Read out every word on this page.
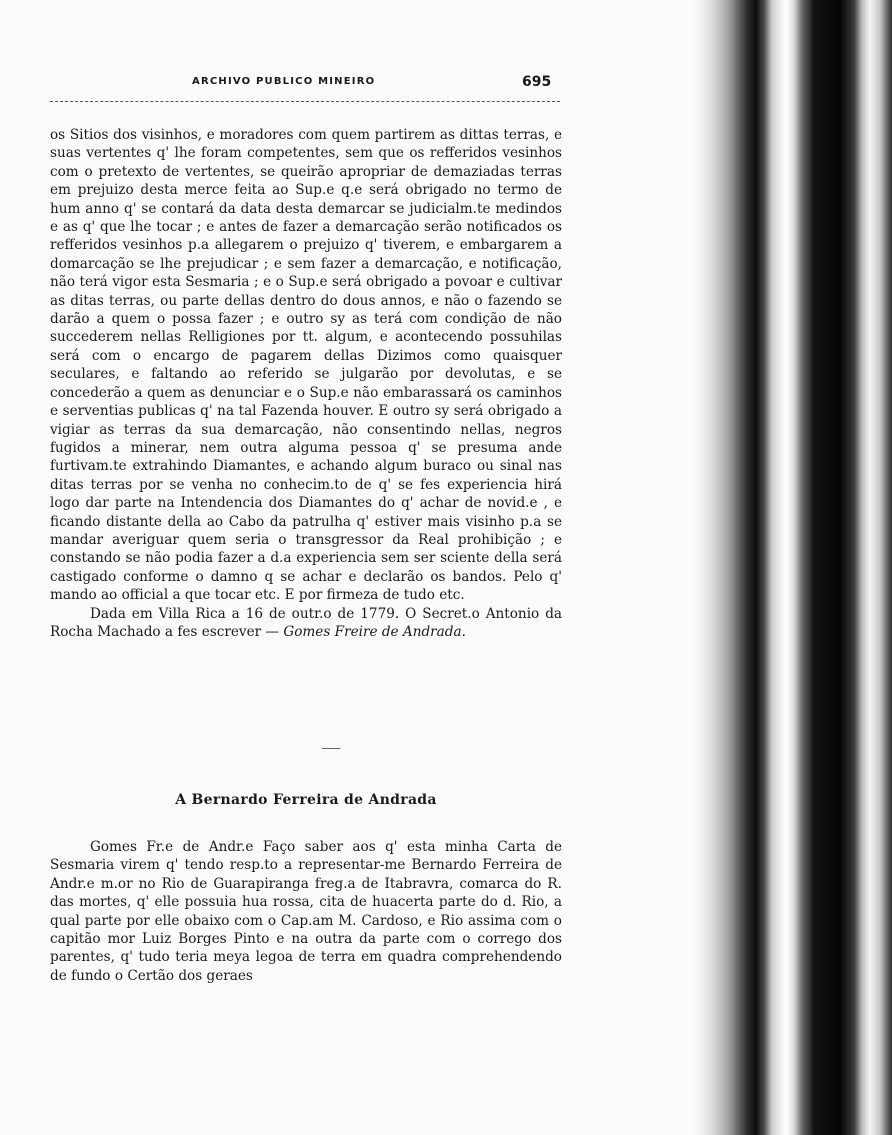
ARCHIVO PUBLICO MINEIRO	695

os Sitios dos visinhos, e moradores com quem partirem as dittas terras, e suas vertentes q' lhe foram competentes, sem que os refferidos vesinhos com o pretexto de vertentes, se queirão apropriar de demaziadas terras em prejuizo desta merce feita ao Sup.e q.e será obrigado no termo de hum anno q' se contará da data desta demarcar se judicialm.te medindos e as q' que lhe tocar ; e antes de fazer a demarcação serão notificados os refferidos vesinhos p.a allegarem o prejuizo q' tiverem, e embargarem a domarcação se lhe prejudicar ; e sem fazer a demarcação, e notificação, não terá vigor esta Sesmaria ; e o Sup.e será obrigado a povoar e cultivar as ditas terras, ou parte dellas dentro do dous annos, e não o fazendo se darão a quem o possa fazer ; e outro sy as terá com condição de não succederem nellas Relligiones por tt. algum, e acontecendo possuhilas será com o encargo de pagarem dellas Dizimos como quaisquer seculares, e faltando ao referido se julgarão por devolutas, e se concederão a quem as denunciar e o Sup.e não embarassará os caminhos e serventias publicas q' na tal Fazenda houver. E outro sy será obrigado a vigiar as terras da sua demarcação, não consentindo nellas, negros fugidos a minerar, nem outra alguma pessoa q' se presuma ande furtivam.te extrahindo Diamantes, e achando algum buraco ou sinal nas ditas terras por se venha no conhecim.to de q' se fes experiencia hirá logo dar parte na Intendencia dos Diamantes do q' achar de novid.e , e ficando distante della ao Cabo da patrulha q' estiver mais visinho p.a se mandar averiguar quem seria o transgressor da Real prohibição ; e constando se não podia fazer a d.a experiencia sem ser sciente della será castigado conforme o damno q se achar e declarão os bandos. Pelo q' mando ao official a que tocar etc. E por firmeza de tudo etc.

Dada em Villa Rica a 16 de outr.o de 1779. O Secret.o Antonio da Rocha Machado a fes escrever — Gomes Freire de Andrada.

A Bernardo Ferreira de Andrada

Gomes Fr.e de Andr.e Faço saber aos q' esta minha Carta de Sesmaria virem q' tendo resp.to a representar-me Bernardo Ferreira de Andr.e m.or no Rio de Guarapiranga freg.a de Itabravra, comarca do R. das mortes, q' elle possuia hua rossa, cita de huacerta parte do d. Rio, a qual parte por elle obaixo com o Cap.am M. Cardoso, e Rio assima com o capitão mor Luiz Borges Pinto e na outra da parte com o corrego dos parentes, q' tudo teria meya legoa de terra em quadra comprehendendo de fundo o Certão dos geraes
